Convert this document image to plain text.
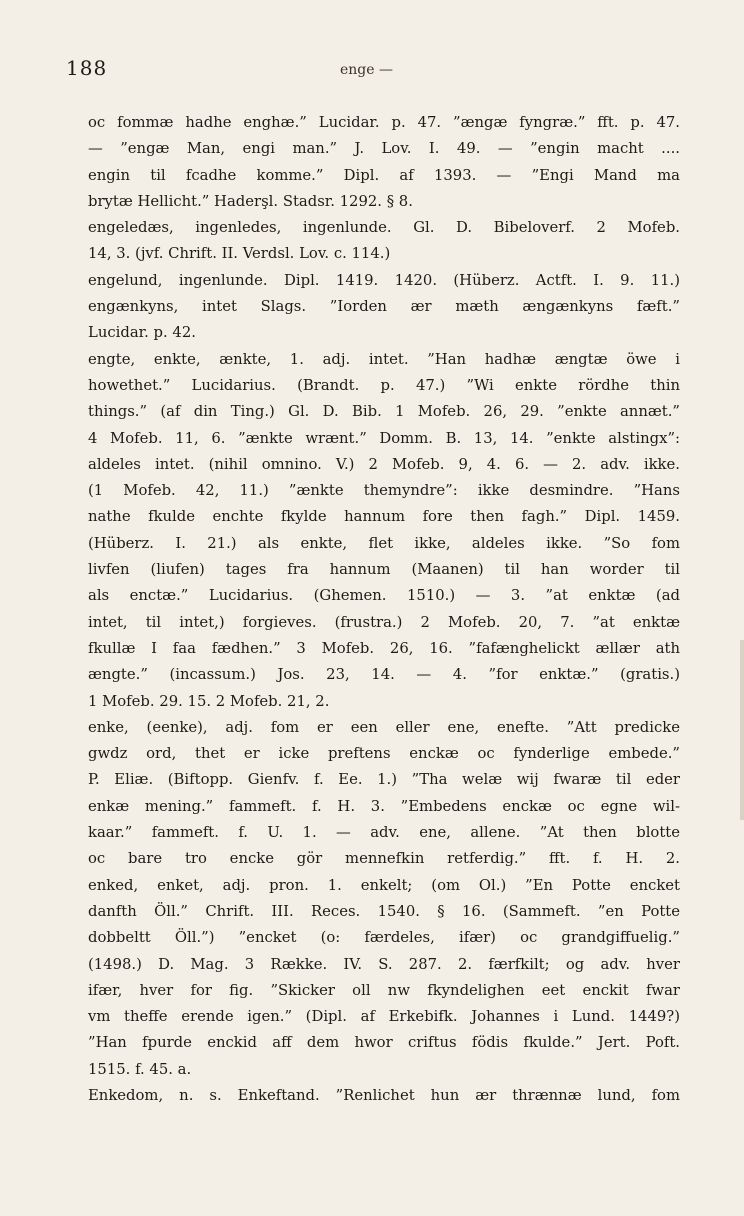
188	enge —

oc fommæ hadhe enghæ.” Lucidar. p. 47. ”ængæ fyngræ.” fft. p. 47.

— ”engæ Man, engi man.” J. Lov. I. 49. — ”engin macht ....

engin til fcadhe komme.” Dipl. af 1393. — ”Engi Mand ma

brytæ Hellicht.” Haderşl. Stadsr. 1292. § 8.

engeledæs, ingenledes, ingenlunde. Gl. D. Bibeloverf. 2 Mofeb.

14, 3. (jvf. Chrift. II. Verdsl. Lov. c. 114.)

engelund, ingenlunde. Dipl. 1419. 1420. (Hüberz. Actft. I. 9. 11.)

engænkyns, intet Slags. ”Iorden ær mæth ængænkyns fæft.”

Lucidar. p. 42.

engte, enkte, ænkte, 1. adj. intet. ”Han hadhæ ængtæ öwe i

howethet.” Lucidarius. (Brandt. p. 47.) ”Wi enkte rördhe thin

things.” (af din Ting.) Gl. D. Bib. 1 Mofeb. 26, 29. ”enkte annæt.”

4 Mofeb. 11, 6. ”ænkte wrænt.” Domm. B. 13, 14. ”enkte alstingx”:

aldeles intet. (nihil omnino. V.) 2 Mofeb. 9, 4. 6. — 2. adv. ikke.

(1 Mofeb. 42, 11.) ”ænkte themyndre”: ikke desmindre. ”Hans

nathe fkulde enchte fkylde hannum fore then fagh.” Dipl. 1459.

(Hüberz. I. 21.) als enkte, flet ikke, aldeles ikke. ”So fom

livfen (liufen) tages fra hannum (Maanen) til han worder til

als enctæ.” Lucidarius. (Ghemen. 1510.) — 3. ”at enktæ (ad

intet, til intet,) forgieves. (frustra.) 2 Mofeb. 20, 7. ”at enktæ

fkullæ I faa fædhen.” 3 Mofeb. 26, 16. ”fafænghelickt ællær ath

ængte.” (incassum.) Jos. 23, 14. — 4. ”for enktæ.” (gratis.)

1 Mofeb. 29. 15. 2 Mofeb. 21, 2.

enke, (eenke), adj. fom er een eller ene, enefte. ”Att predicke

gwdz ord, thet er icke preftens enckæ oc fynderlige embede.”

P. Eliæ. (Biftopp. Gienfv. f. Ee. 1.) ”Tha welæ wij fwaræ til eder

enkæ mening.” fammeft. f. H. 3. ”Embedens enckæ oc egne wil-

kaar.” fammeft. f. U. 1. — adv. ene, allene. ”At then blotte

oc bare tro encke gör mennefkin retferdig.” fft. f. H. 2.

enked, enket, adj. pron. 1. enkelt; (om Ol.) ”En Potte encket

danfth Öll.” Chrift. III. Reces. 1540. § 16. (Sammeft. ”en Potte

dobbeltt Öll.”) ”encket (o: færdeles, ifær) oc grandgiffuelig.”

(1498.) D. Mag. 3 Række. IV. S. 287. 2. færfkilt; og adv. hver

ifær, hver for fig. ”Skicker oll nw fkyndelighen eet enckit fwar

vm theffe erende igen.” (Dipl. af Erkebifk. Johannes i Lund. 1449?)

”Han fpurde enckid aff dem hwor criftus födis fkulde.” Jert. Poft.

1515. f. 45. a.

Enkedom, n. s. Enkeftand. ”Renlichet hun ær thrænnæ lund, fom
